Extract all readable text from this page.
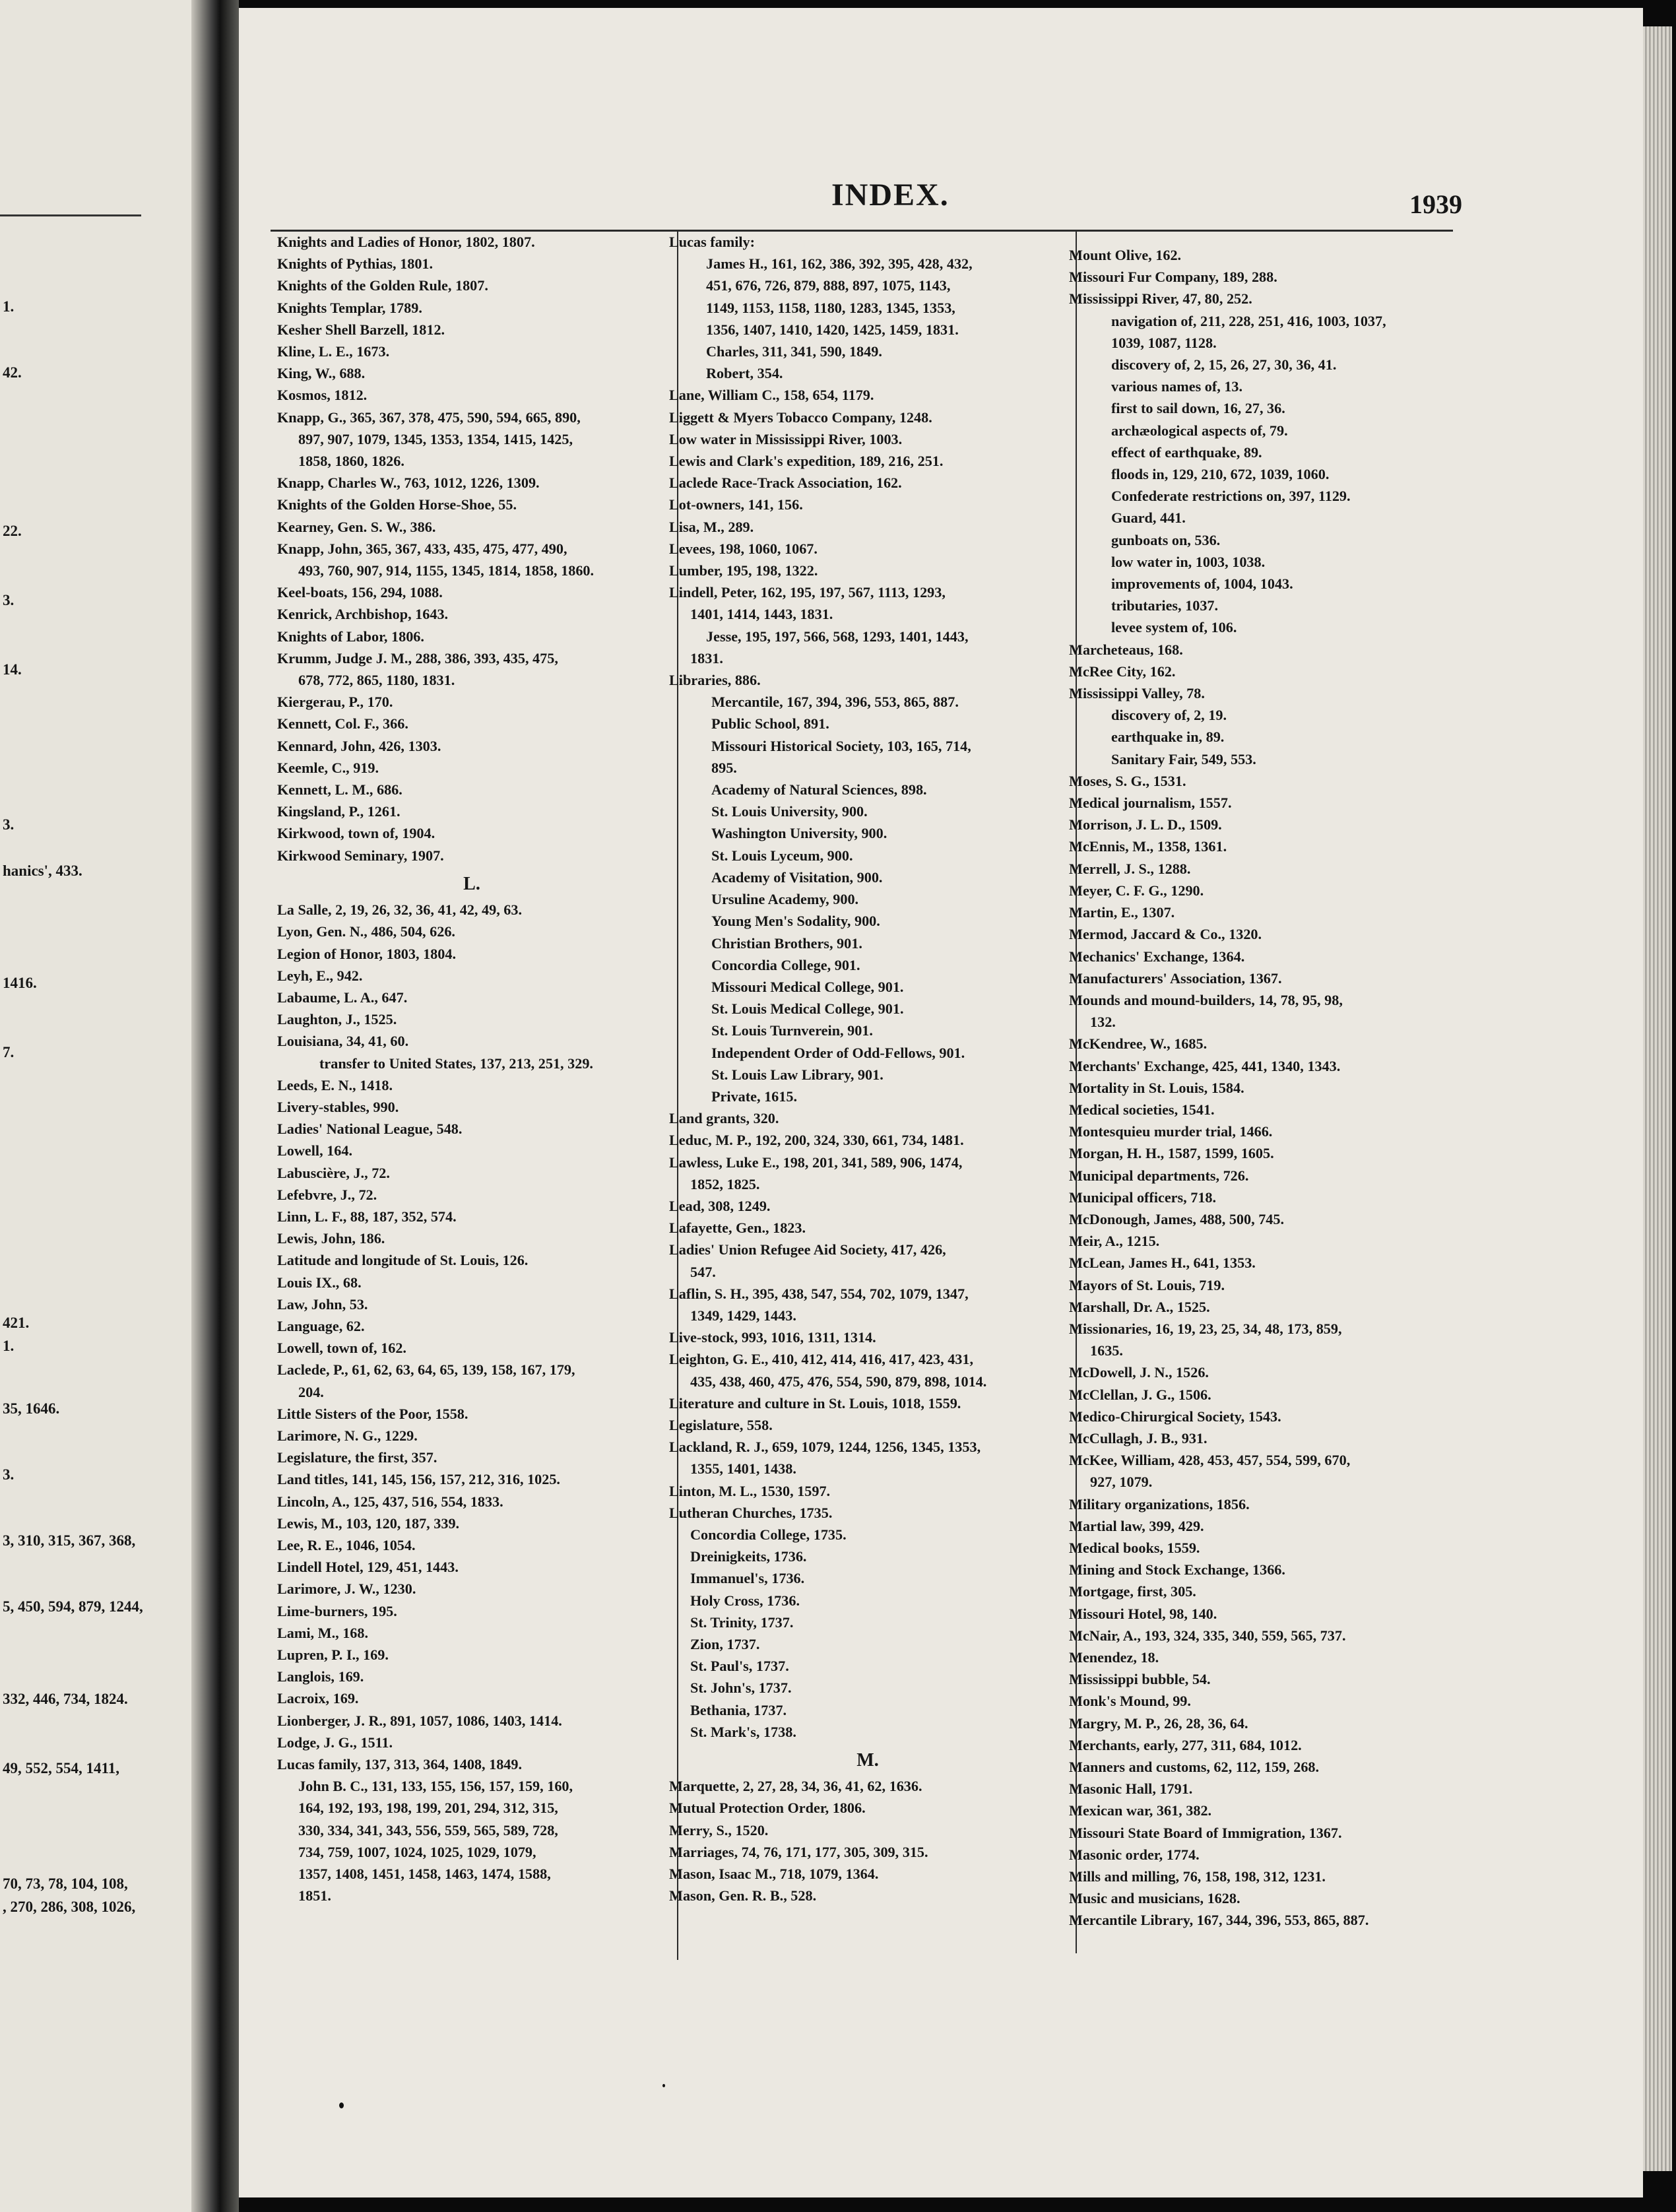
1.
42.
22.
3.
14.
3.
hanics', 433.
1416.
7.
421.
1.
35, 1646.
3.
3, 310, 315, 367, 368,
5, 450, 594, 879, 1244,
332, 446, 734, 1824.
49, 552, 554, 1411,
70, 73, 78, 104, 108,
, 270, 286, 308, 1026,
INDEX.	1939
Knights and Ladies of Honor, 1802, 1807.
Knights of Pythias, 1801.
Knights of the Golden Rule, 1807.
Knights Templar, 1789.
Kesher Shell Barzell, 1812.
Kline, L. E., 1673.
King, W., 688.
Kosmos, 1812.
Knapp, G., 365, 367, 378, 475, 590, 594, 665, 890,
897, 907, 1079, 1345, 1353, 1354, 1415, 1425,
1858, 1860, 1826.
Knapp, Charles W., 763, 1012, 1226, 1309.
Knights of the Golden Horse-Shoe, 55.
Kearney, Gen. S. W., 386.
Knapp, John, 365, 367, 433, 435, 475, 477, 490,
493, 760, 907, 914, 1155, 1345, 1814, 1858, 1860.
Keel-boats, 156, 294, 1088.
Kenrick, Archbishop, 1643.
Knights of Labor, 1806.
Krumm, Judge J. M., 288, 386, 393, 435, 475,
678, 772, 865, 1180, 1831.
Kiergerau, P., 170.
Kennett, Col. F., 366.
Kennard, John, 426, 1303.
Keemle, C., 919.
Kennett, L. M., 686.
Kingsland, P., 1261.
Kirkwood, town of, 1904.
Kirkwood Seminary, 1907.
L.
La Salle, 2, 19, 26, 32, 36, 41, 42, 49, 63.
Lyon, Gen. N., 486, 504, 626.
Legion of Honor, 1803, 1804.
Leyh, E., 942.
Labaume, L. A., 647.
Laughton, J., 1525.
Louisiana, 34, 41, 60.
transfer to United States, 137, 213, 251, 329.
Leeds, E. N., 1418.
Livery-stables, 990.
Ladies' National League, 548.
Lowell, 164.
Labuscière, J., 72.
Lefebvre, J., 72.
Linn, L. F., 88, 187, 352, 574.
Lewis, John, 186.
Latitude and longitude of St. Louis, 126.
Louis IX., 68.
Law, John, 53.
Language, 62.
Lowell, town of, 162.
Laclede, P., 61, 62, 63, 64, 65, 139, 158, 167, 179,
204.
Little Sisters of the Poor, 1558.
Larimore, N. G., 1229.
Legislature, the first, 357.
Land titles, 141, 145, 156, 157, 212, 316, 1025.
Lincoln, A., 125, 437, 516, 554, 1833.
Lewis, M., 103, 120, 187, 339.
Lee, R. E., 1046, 1054.
Lindell Hotel, 129, 451, 1443.
Larimore, J. W., 1230.
Lime-burners, 195.
Lami, M., 168.
Lupren, P. I., 169.
Langlois, 169.
Lacroix, 169.
Lionberger, J. R., 891, 1057, 1086, 1403, 1414.
Lodge, J. G., 1511.
Lucas family, 137, 313, 364, 1408, 1849.
John B. C., 131, 133, 155, 156, 157, 159, 160,
164, 192, 193, 198, 199, 201, 294, 312, 315,
330, 334, 341, 343, 556, 559, 565, 589, 728,
734, 759, 1007, 1024, 1025, 1029, 1079,
1357, 1408, 1451, 1458, 1463, 1474, 1588,
1851.
Lucas family:
James H., 161, 162, 386, 392, 395, 428, 432,
451, 676, 726, 879, 888, 897, 1075, 1143,
1149, 1153, 1158, 1180, 1283, 1345, 1353,
1356, 1407, 1410, 1420, 1425, 1459, 1831.
Charles, 311, 341, 590, 1849.
Robert, 354.
Lane, William C., 158, 654, 1179.
Liggett & Myers Tobacco Company, 1248.
Low water in Mississippi River, 1003.
Lewis and Clark's expedition, 189, 216, 251.
Laclede Race-Track Association, 162.
Lot-owners, 141, 156.
Lisa, M., 289.
Levees, 198, 1060, 1067.
Lumber, 195, 198, 1322.
Lindell, Peter, 162, 195, 197, 567, 1113, 1293,
1401, 1414, 1443, 1831.
Jesse, 195, 197, 566, 568, 1293, 1401, 1443,
1831.
Libraries, 886.
Mercantile, 167, 394, 396, 553, 865, 887.
Public School, 891.
Missouri Historical Society, 103, 165, 714,
895.
Academy of Natural Sciences, 898.
St. Louis University, 900.
Washington University, 900.
St. Louis Lyceum, 900.
Academy of Visitation, 900.
Ursuline Academy, 900.
Young Men's Sodality, 900.
Christian Brothers, 901.
Concordia College, 901.
Missouri Medical College, 901.
St. Louis Medical College, 901.
St. Louis Turnverein, 901.
Independent Order of Odd-Fellows, 901.
St. Louis Law Library, 901.
Private, 1615.
Land grants, 320.
Leduc, M. P., 192, 200, 324, 330, 661, 734, 1481.
Lawless, Luke E., 198, 201, 341, 589, 906, 1474,
1852, 1825.
Lead, 308, 1249.
Lafayette, Gen., 1823.
Ladies' Union Refugee Aid Society, 417, 426,
547.
Laflin, S. H., 395, 438, 547, 554, 702, 1079, 1347,
1349, 1429, 1443.
Live-stock, 993, 1016, 1311, 1314.
Leighton, G. E., 410, 412, 414, 416, 417, 423, 431,
435, 438, 460, 475, 476, 554, 590, 879, 898, 1014.
Literature and culture in St. Louis, 1018, 1559.
Legislature, 558.
Lackland, R. J., 659, 1079, 1244, 1256, 1345, 1353,
1355, 1401, 1438.
Linton, M. L., 1530, 1597.
Lutheran Churches, 1735.
Concordia College, 1735.
Dreinigkeits, 1736.
Immanuel's, 1736.
Holy Cross, 1736.
St. Trinity, 1737.
Zion, 1737.
St. Paul's, 1737.
St. John's, 1737.
Bethania, 1737.
St. Mark's, 1738.
M.
Marquette, 2, 27, 28, 34, 36, 41, 62, 1636.
Mutual Protection Order, 1806.
Merry, S., 1520.
Marriages, 74, 76, 171, 177, 305, 309, 315.
Mason, Isaac M., 718, 1079, 1364.
Mason, Gen. R. B., 528.
Mount Olive, 162.
Missouri Fur Company, 189, 288.
Mississippi River, 47, 80, 252.
navigation of, 211, 228, 251, 416, 1003, 1037,
1039, 1087, 1128.
discovery of, 2, 15, 26, 27, 30, 36, 41.
various names of, 13.
first to sail down, 16, 27, 36.
archæological aspects of, 79.
effect of earthquake, 89.
floods in, 129, 210, 672, 1039, 1060.
Confederate restrictions on, 397, 1129.
Guard, 441.
gunboats on, 536.
low water in, 1003, 1038.
improvements of, 1004, 1043.
tributaries, 1037.
levee system of, 106.
Marcheteaus, 168.
McRee City, 162.
Mississippi Valley, 78.
discovery of, 2, 19.
earthquake in, 89.
Sanitary Fair, 549, 553.
Moses, S. G., 1531.
Medical journalism, 1557.
Morrison, J. L. D., 1509.
McEnnis, M., 1358, 1361.
Merrell, J. S., 1288.
Meyer, C. F. G., 1290.
Martin, E., 1307.
Mermod, Jaccard & Co., 1320.
Mechanics' Exchange, 1364.
Manufacturers' Association, 1367.
Mounds and mound-builders, 14, 78, 95, 98,
132.
McKendree, W., 1685.
Merchants' Exchange, 425, 441, 1340, 1343.
Mortality in St. Louis, 1584.
Medical societies, 1541.
Montesquieu murder trial, 1466.
Morgan, H. H., 1587, 1599, 1605.
Municipal departments, 726.
Municipal officers, 718.
McDonough, James, 488, 500, 745.
Meir, A., 1215.
McLean, James H., 641, 1353.
Mayors of St. Louis, 719.
Marshall, Dr. A., 1525.
Missionaries, 16, 19, 23, 25, 34, 48, 173, 859,
1635.
McDowell, J. N., 1526.
McClellan, J. G., 1506.
Medico-Chirurgical Society, 1543.
McCullagh, J. B., 931.
McKee, William, 428, 453, 457, 554, 599, 670,
927, 1079.
Military organizations, 1856.
Martial law, 399, 429.
Medical books, 1559.
Mining and Stock Exchange, 1366.
Mortgage, first, 305.
Missouri Hotel, 98, 140.
McNair, A., 193, 324, 335, 340, 559, 565, 737.
Menendez, 18.
Mississippi bubble, 54.
Monk's Mound, 99.
Margry, M. P., 26, 28, 36, 64.
Merchants, early, 277, 311, 684, 1012.
Manners and customs, 62, 112, 159, 268.
Masonic Hall, 1791.
Mexican war, 361, 382.
Missouri State Board of Immigration, 1367.
Masonic order, 1774.
Mills and milling, 76, 158, 198, 312, 1231.
Music and musicians, 1628.
Mercantile Library, 167, 344, 396, 553, 865, 887.
